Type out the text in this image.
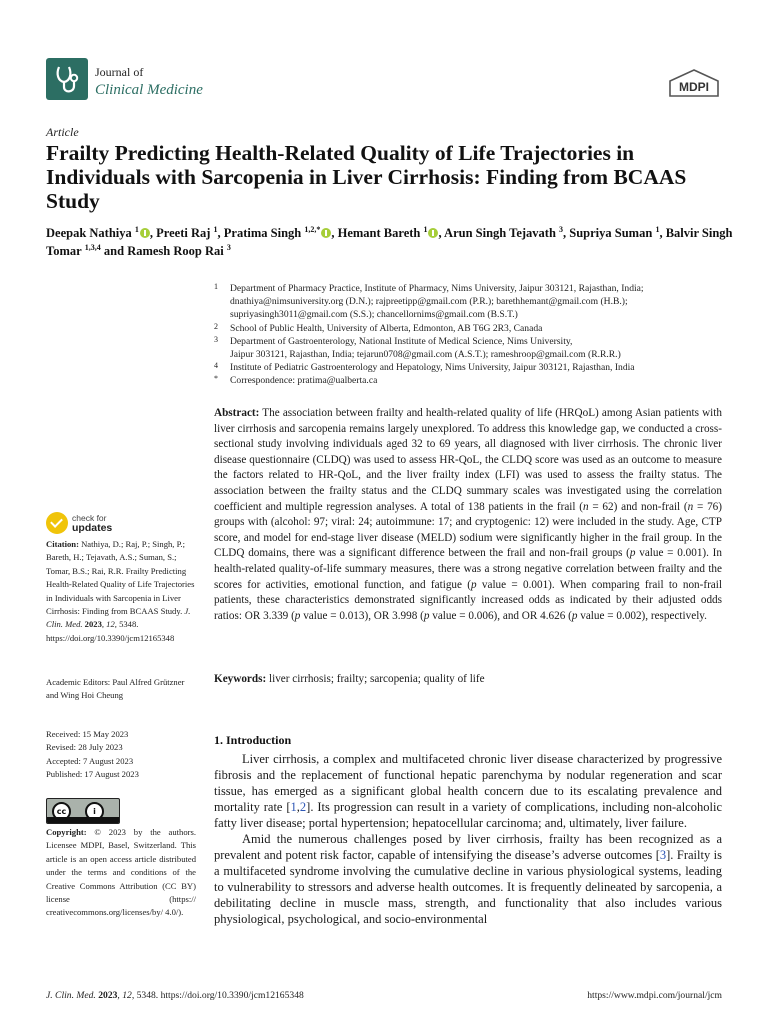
Journal of
Clinical Medicine	MDPI
Article
Frailty Predicting Health-Related Quality of Life Trajectories in Individuals with Sarcopenia in Liver Cirrhosis: Finding from BCAAS Study
Deepak Nathiya $^1$ , Preeti Raj $^1$, Pratima Singh $^{1,2,*}$ , Hemant Bareth $^1$ , Arun Singh Tejavath $^3$, Supriya Suman $^1$, Balvir Singh Tomar $^{1,3,4}$ and Ramesh Roop Rai $^3$
1 Department of Pharmacy Practice, Institute of Pharmacy, Nims University, Jaipur 303121, Rajasthan, India;
dnathiya@nimsuniversity.org (D.N.); rajpreetipp@gmail.com (P.R.); barethhemant@gmail.com (H.B.);
supriyasingh3011@gmail.com (S.S.); chancellornims@gmail.com (B.S.T.)
2 School of Public Health, University of Alberta, Edmonton, AB T6G 2R3, Canada
3 Department of Gastroenterology, National Institute of Medical Science, Nims University,
Jaipur 303121, Rajasthan, India; tejarun0708@gmail.com (A.S.T.); rameshroop@gmail.com (R.R.R.)
4 Institute of Pediatric Gastroenterology and Hepatology, Nims University, Jaipur 303121, Rajasthan, India
* Correspondence: pratima@ualberta.ca
Abstract: The association between frailty and health-related quality of life (HRQoL) among Asian patients with liver cirrhosis and sarcopenia remains largely unexplored. To address this knowledge gap, we conducted a cross-sectional study involving individuals aged 32 to 69 years, all diagnosed with liver cirrhosis. The chronic liver disease questionnaire (CLDQ) was used to assess HR-QoL, the CLDQ score was used as an outcome to measure the factors related to HR-QoL, and the liver frailty index (LFI) was used to assess the frailty status. The association between the frailty status and the CLDQ summary scales was investigated using the correlation coefficient and multiple regression analyses. A total of 138 patients in the frail (n = 62) and non-frail (n = 76) groups with (alcohol: 97; viral: 24; autoimmune: 17; and cryptogenic: 12) were included in the study. Age, CTP score, and model for end-stage liver disease (MELD) sodium were significantly higher in the frail group. In the CLDQ domains, there was a significant difference between the frail and non-frail groups (p value = 0.001). In health-related quality-of-life summary measures, there was a strong negative correlation between frailty and the scores for activities, emotional function, and fatigue (p value = 0.001). When comparing frail to non-frail patients, these characteristics demonstrated significantly increased odds as indicated by their adjusted odds ratios: OR 3.339 (p value = 0.013), OR 3.998 (p value = 0.006), and OR 4.626 (p value = 0.002), respectively.
Keywords: liver cirrhosis; frailty; sarcopenia; quality of life
1. Introduction

Liver cirrhosis, a complex and multifaceted chronic liver disease characterized by progressive fibrosis and the replacement of functional hepatic parenchyma by nodular regeneration and scar tissue, has emerged as a significant global health concern due to its escalating prevalence and mortality rate [1,2]. Its progression can result in a variety of complications, including non-alcoholic fatty liver disease; portal hypertension; hepatocellular carcinoma; and, ultimately, liver failure.

Amid the numerous challenges posed by liver cirrhosis, frailty has been recognized as a prevalent and potent risk factor, capable of intensifying the disease’s adverse outcomes [3]. Frailty is a multifaceted syndrome involving the cumulative decline in various physiological systems, leading to vulnerability to stressors and adverse health outcomes. It is frequently delineated by sarcopenia, a debilitating decline in muscle mass, strength, and functionality that also includes various physiological, psychological, and socio-environmental

check for
updates
Citation: Nathiya, D.; Raj, P.; Singh, P.; Bareth, H.; Tejavath, A.S.; Suman, S.; Tomar, B.S.; Rai, R.R. Frailty Predicting Health-Related Quality of Life Trajectories in Individuals with Sarcopenia in Liver Cirrhosis: Finding from BCAAS Study. J. Clin. Med. 2023, 12, 5348. https://doi.org/10.3390/jcm12165348
Academic Editors: Paul Alfred Grützner and Wing Hoi Cheung
Received: 15 May 2023
Revised: 28 July 2023
Accepted: 7 August 2023
Published: 17 August 2023
cc	i
Copyright: © 2023 by the authors. Licensee MDPI, Basel, Switzerland. This article is an open access article distributed under the terms and conditions of the Creative Commons Attribution (CC BY) license (https:// creativecommons.org/licenses/by/ 4.0/).
J. Clin. Med. 2023, 12, 5348. https://doi.org/10.3390/jcm12165348	https://www.mdpi.com/journal/jcm
